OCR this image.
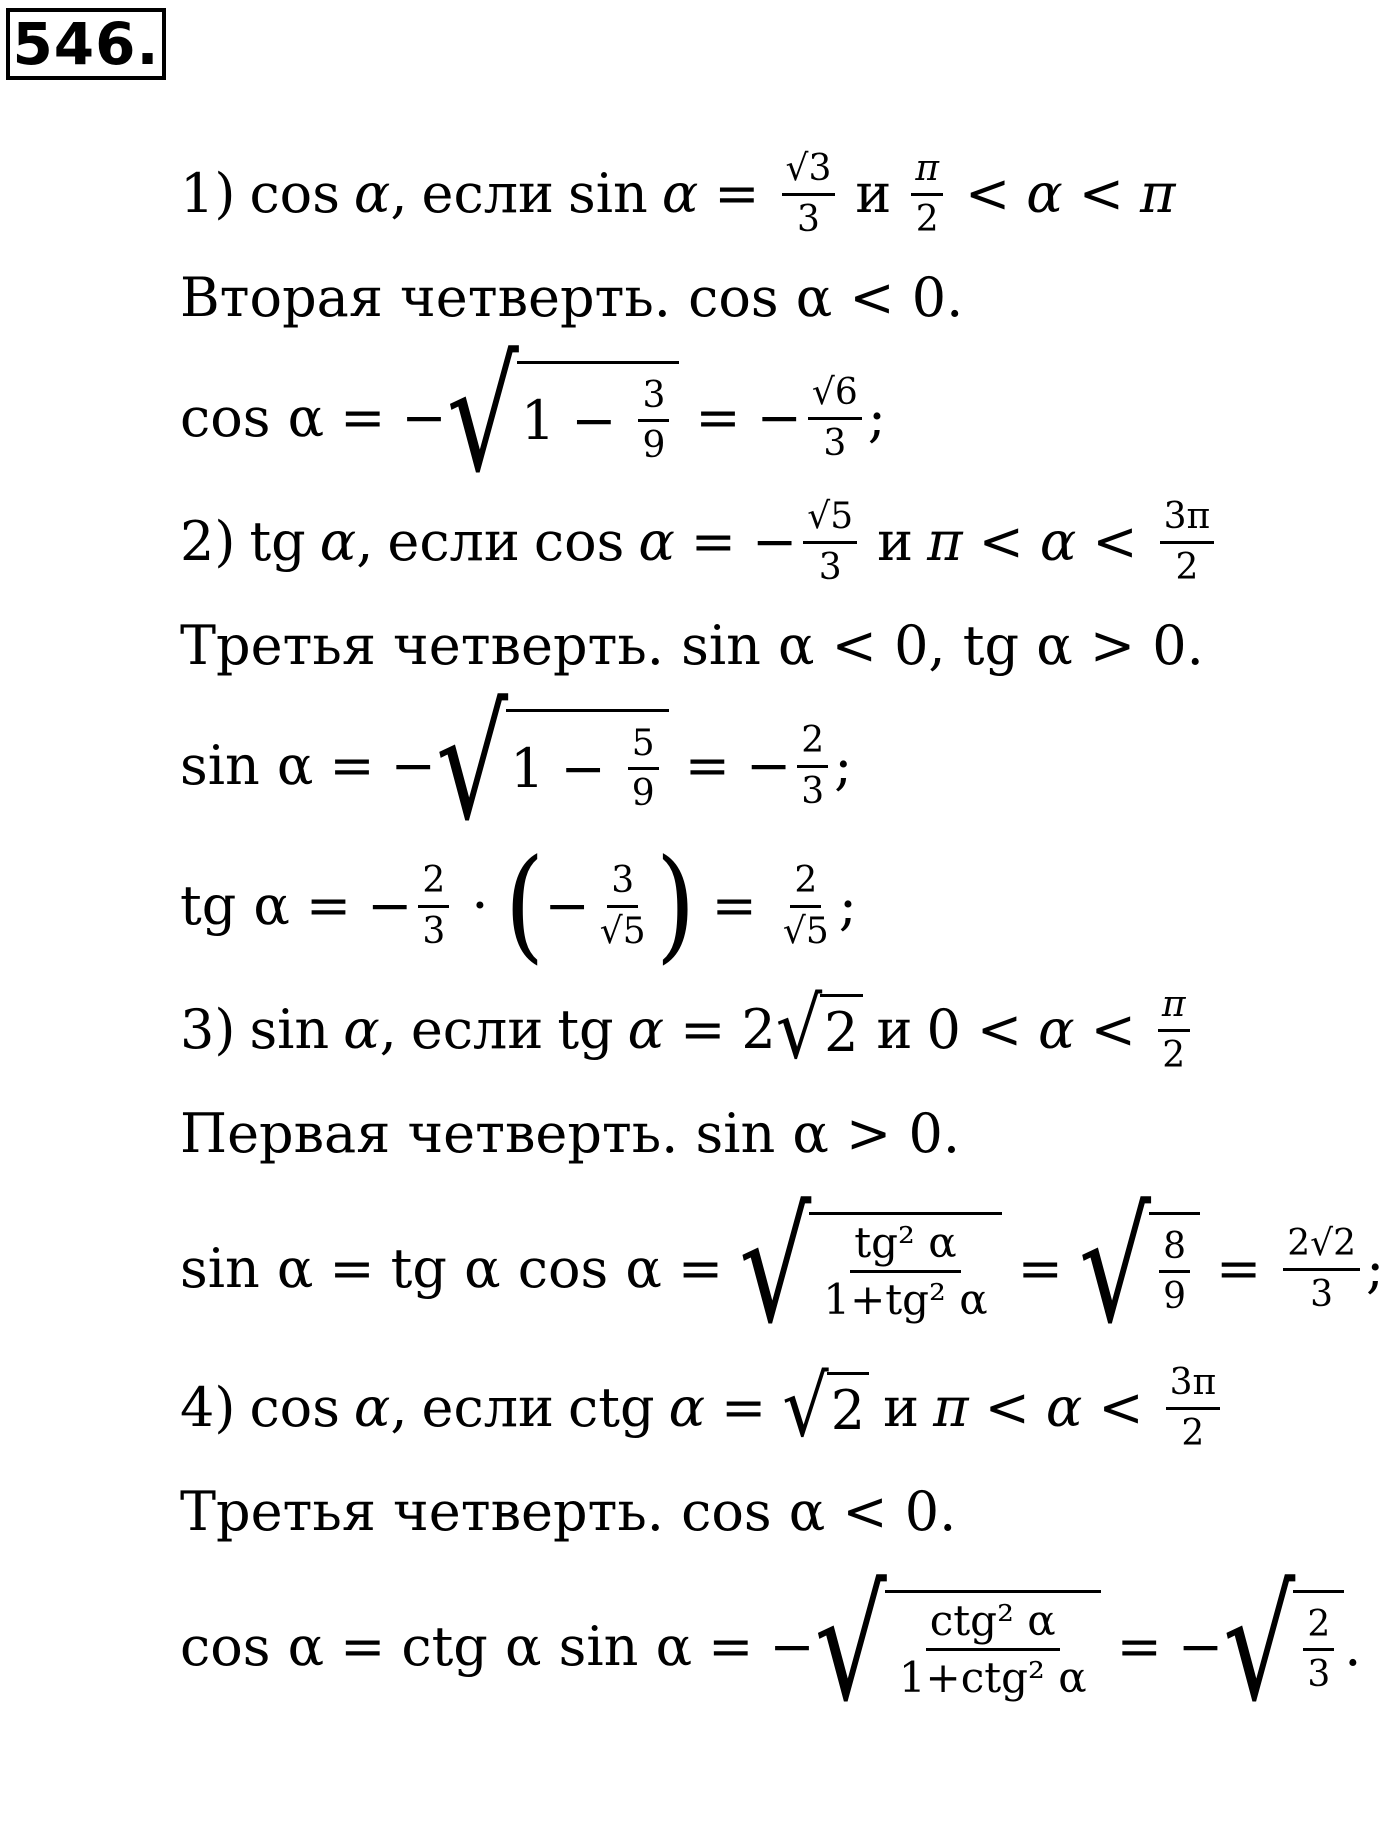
546.
1) cos α , если $\sin \alpha = \frac{√3}{3}$ и $\frac{\pi}{2} < \alpha < \pi$
Вторая четверть. cos α < 0.
cos α = − √ $1 - \frac{3}{9}$ = − $\frac{√6}{3}$ ;
2) tg α , если cos α = − $\frac{√5}{3}$ и $\pi < \alpha < \frac{3\pi}{2}$
Третья четверть. sin α < 0, tg α > 0.
sin α = − √ $1 - \frac{5}{9}$ = − $\frac{2}{3}$ ;
tg α = − $\frac{2}{3}$ · ( − $\frac{3}{√5}$ ) = $\frac{2}{√5}$ ;
3) sin α , если tg α = 2 √ 2 и $0 < \alpha < \frac{\pi}{2}$
Первая четверть. sin α > 0.
sin α = tg α cos α = √ $\frac{\text{tg² α}}{\text{1+tg² α}}$ = √ $\frac{8}{9} = \frac{2√2}{3}$ ;
4) cos α , если ctg α = √ 2 и $\pi < \alpha < \frac{3\pi}{2}$
Третья четверть. cos α < 0.
cos α = ctg α sin α = − √ $\frac{\text{ctg² α}}{\text{1+ctg² α}}$ = − √ $\frac{2}{3}$ .
